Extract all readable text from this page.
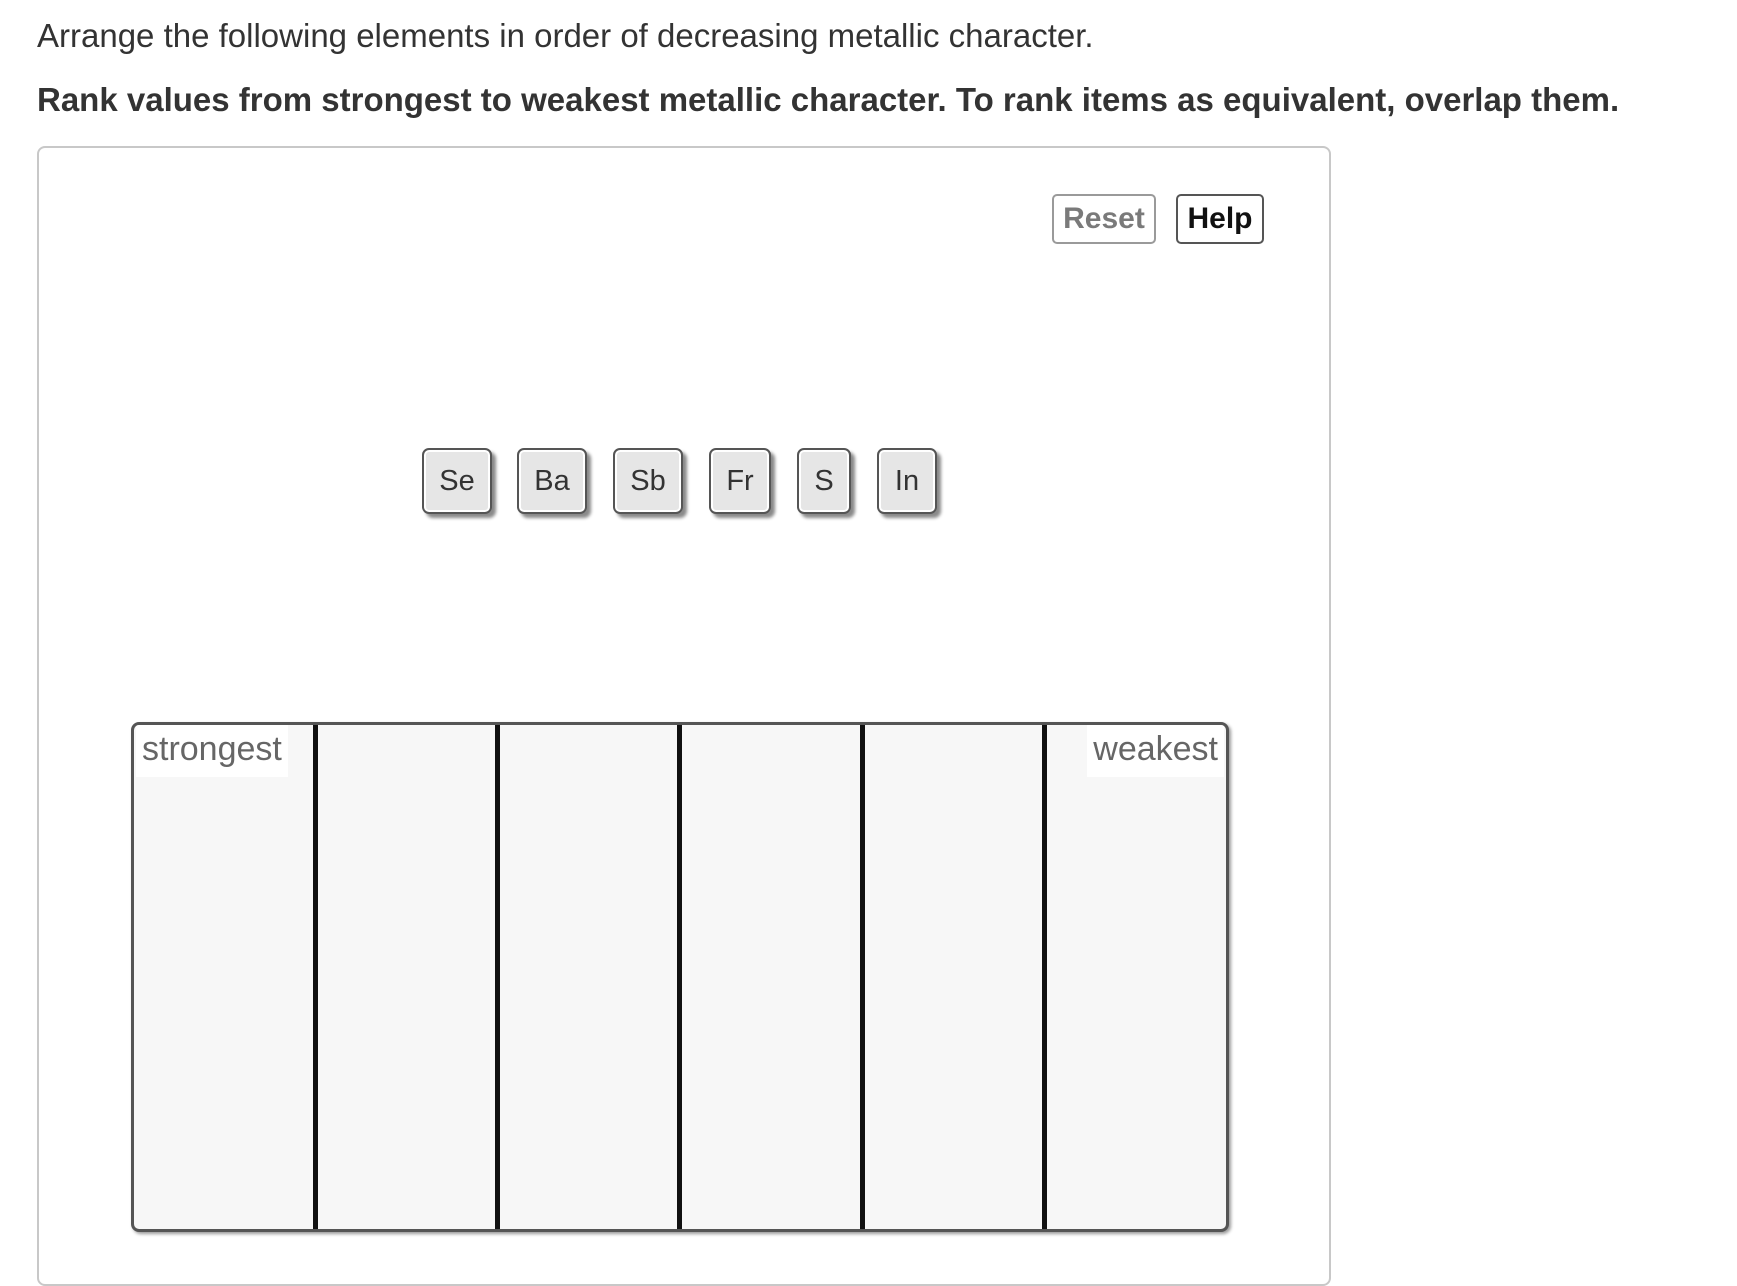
Arrange the following elements in order of decreasing metallic character.
Rank values from strongest to weakest metallic character. To rank items as equivalent, overlap them.
Reset	Help
Se	Ba	Sb	Fr	S	In
strongest	weakest
